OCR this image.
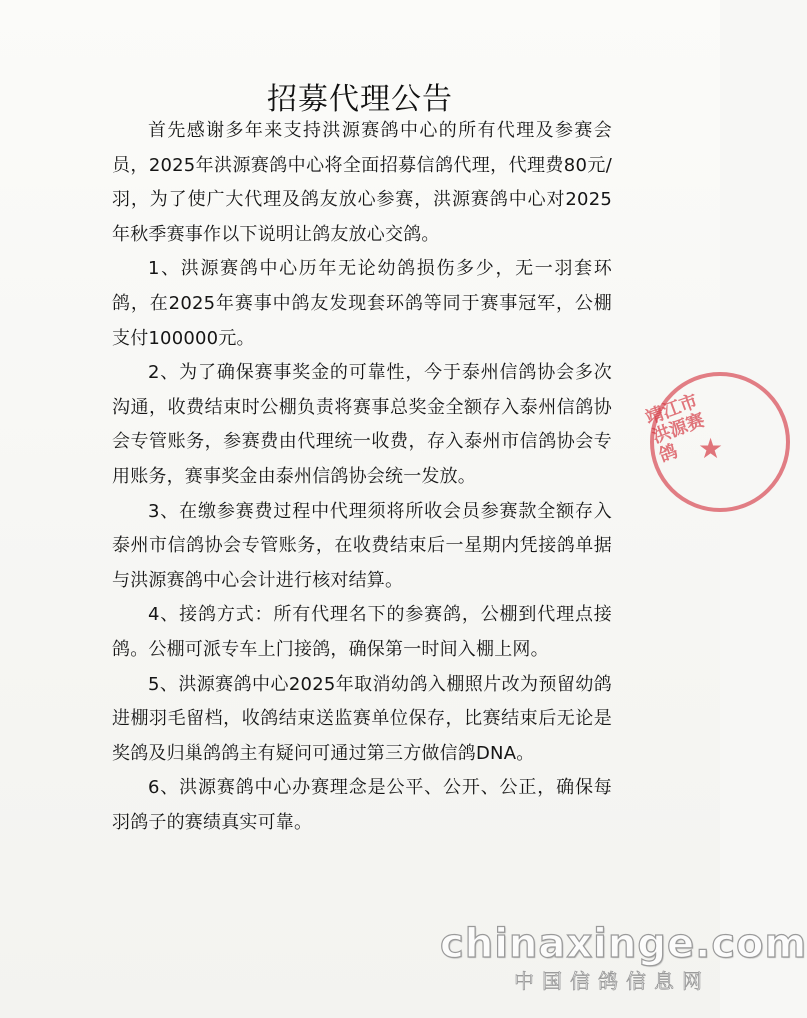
招募代理公告

首先感谢多年来支持洪源赛鸽中心的所有代理及参赛会员，2025年洪源赛鸽中心将全面招募信鸽代理，代理费80元/羽，为了使广大代理及鸽友放心参赛，洪源赛鸽中心对2025年秋季赛事作以下说明让鸽友放心交鸽。

1、洪源赛鸽中心历年无论幼鸽损伤多少，无一羽套环鸽，在2025年赛事中鸽友发现套环鸽等同于赛事冠军，公棚支付100000元。

2、为了确保赛事奖金的可靠性，今于泰州信鸽协会多次沟通，收费结束时公棚负责将赛事总奖金全额存入泰州信鸽协会专管账务，参赛费由代理统一收费，存入泰州市信鸽协会专用账务，赛事奖金由泰州信鸽协会统一发放。

3、在缴参赛费过程中代理须将所收会员参赛款全额存入泰州市信鸽协会专管账务，在收费结束后一星期内凭接鸽单据与洪源赛鸽中心会计进行核对结算。

4、接鸽方式：所有代理名下的参赛鸽，公棚到代理点接鸽。公棚可派专车上门接鸽，确保第一时间入棚上网。

5、洪源赛鸽中心2025年取消幼鸽入棚照片改为预留幼鸽进棚羽毛留档，收鸽结束送监赛单位保存，比赛结束后无论是奖鸽及归巢鸽鸽主有疑问可通过第三方做信鸽DNA。

6、洪源赛鸽中心办赛理念是公平、公开、公正，确保每羽鸽子的赛绩真实可靠。

靖江市洪源赛鸽 ★
chinaxinge.com
中国信鸽信息网
